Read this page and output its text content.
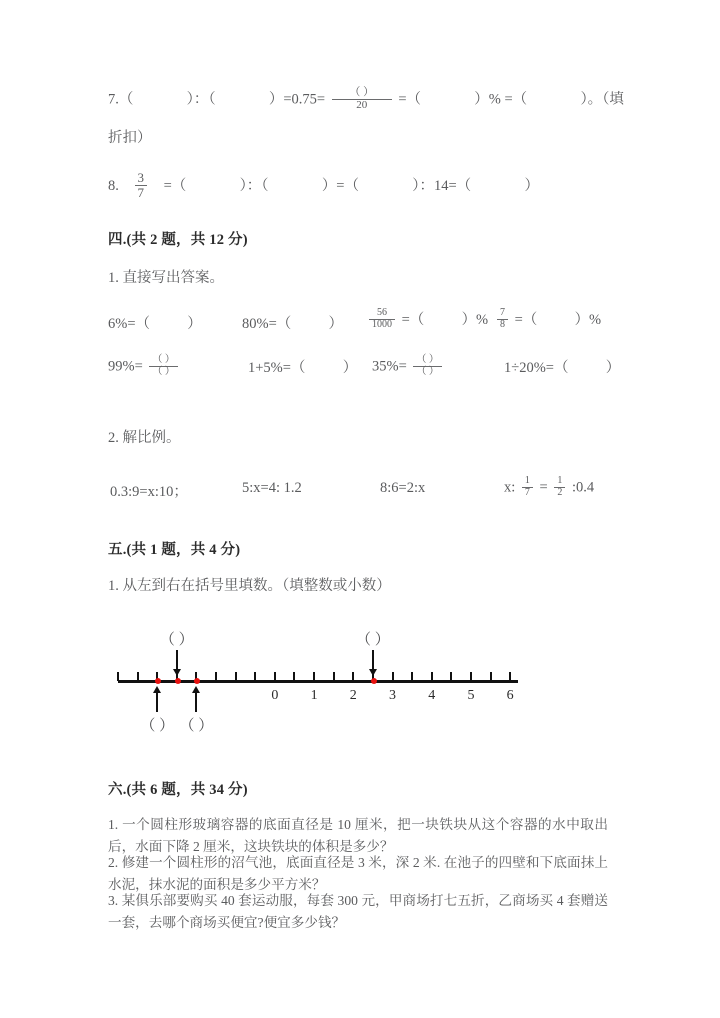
7.（	）：（	）$=0.75= \frac{( )}{20}$ =（	）% =（	）。（填
折扣）
8. $\frac{3}{7}$ =（	）：（	）=（	）：14=（	）
四.(共 2 题，共 12 分)
1. 直接写出答案。
6%=（	）	80%=（	）	$\frac{56}{1000}$ =（	）% $\frac{7}{8}$ =（	）%
$99\%= \frac{( )}{( )}$	1+5%=（	） $35\%= \frac{( )}{( )}$	1÷20%=（	）
2. 解比例。
0.3:9=x:10；	5:x=4: 1.2	8:6=2:x	x: $\frac{1}{7} = \frac{1}{2}$ :0.4
五.(共 1 题，共 4 分)
1. 从左到右在括号里填数。（填整数或小数）
0 1 2 3 4 5 6
（ ）	（ ）
（ ） （ ）
六.(共 6 题，共 34 分)
1. 一个圆柱形玻璃容器的底面直径是 10 厘米，把一块铁块从这个容器的水中取出后，水面下降 2 厘米，这块铁块的体积是多少？
2. 修建一个圆柱形的沼气池，底面直径是 3 米，深 2 米. 在池子的四壁和下底面抹上水泥，抹水泥的面积是多少平方米？
3. 某俱乐部要购买 40 套运动服，每套 300 元，甲商场打七五折，乙商场买 4 套赠送一套，去哪个商场买便宜?便宜多少钱？
